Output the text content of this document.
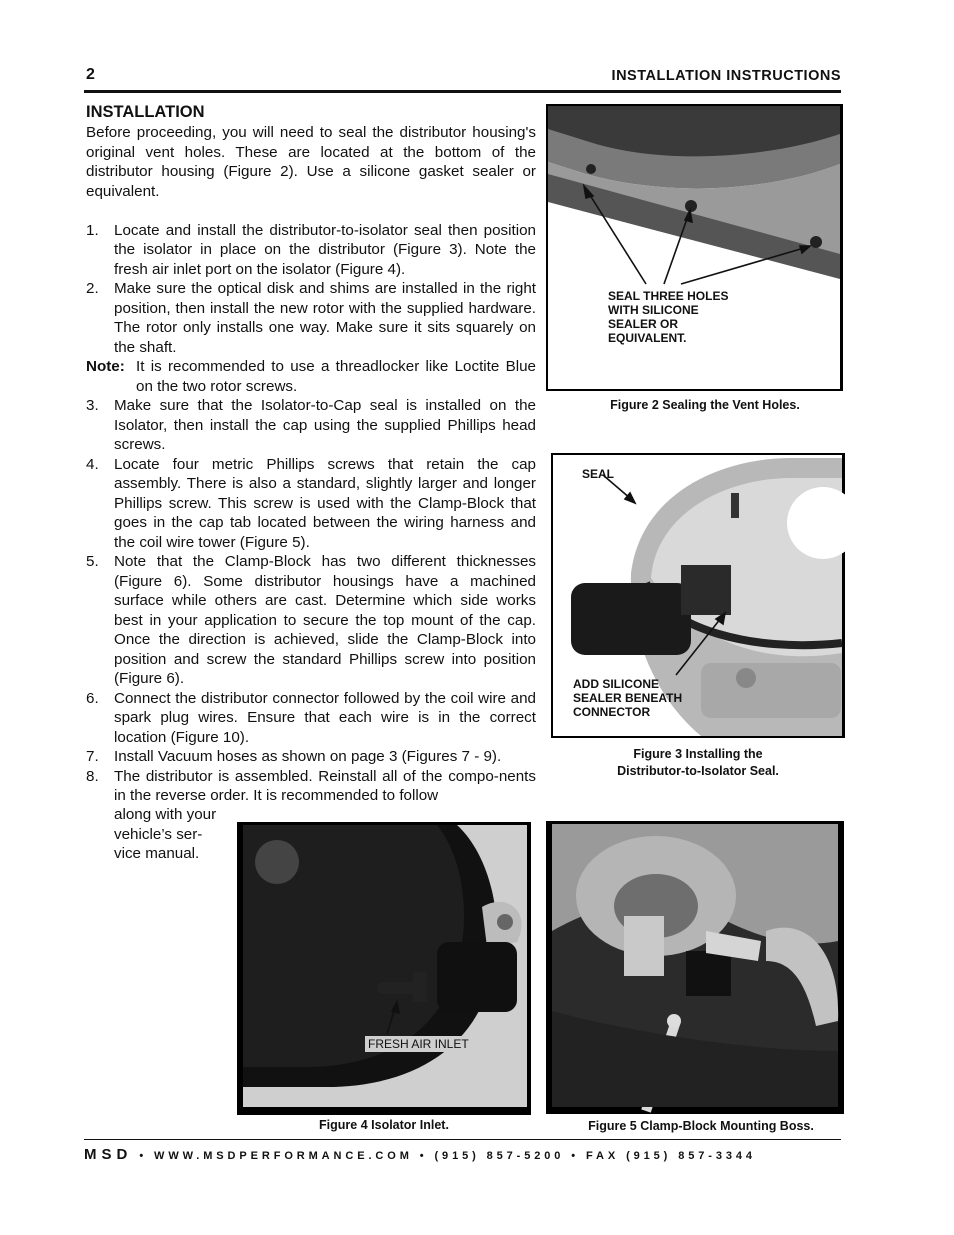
2	INSTALLATION INSTRUCTIONS
INSTALLATION

Before proceeding, you will need to seal the distributor housing's original vent holes. These are located at the bottom of the distributor housing (Figure 2). Use a silicone gasket sealer or equivalent.

1.	Locate and install the distributor-to-isolator seal then position the isolator in place on the distributor (Figure 3). Note the fresh air inlet port on the isolator (Figure 4).
2.	Make sure the optical disk and shims are installed in the right position, then install the new rotor with the supplied hardware. The rotor only installs one way. Make sure it sits squarely on the shaft.
Note: It is recommended to use a threadlocker like Loctite Blue on the two rotor screws.
3.	Make sure that the Isolator-to-Cap seal is installed on the Isolator, then install the cap using the supplied Phillips head screws.
4.	Locate four metric Phillips screws that retain the cap assembly. There is also a standard, slightly larger and longer Phillips screw. This screw is used with the Clamp-Block that goes in the cap tab located between the wiring harness and the coil wire tower (Figure 5).
5.	Note that the Clamp-Block has two different thicknesses (Figure 6). Some distributor housings have a machined surface while others are cast. Determine which side works best in your application to secure the top mount of the cap. Once the direction is achieved, slide the Clamp-Block into position and screw the standard Phillips screw into position (Figure 6).
6.	Connect the distributor connector followed by the coil wire and spark plug wires. Ensure that each wire is in the correct location (Figure 10).
7.	Install Vacuum hoses as shown on page 3 (Figures 7 - 9).
8.	The distributor is assembled. Reinstall all of the compo-nents in the reverse order. It is recommended to follow
along with your vehicle’s ser-vice manual.
SEAL THREE HOLES
WITH SILICONE
SEALER OR
EQUIVALENT.
Figure 2 Sealing the Vent Holes.
SEAL
ADD SILICONE
SEALER BENEATH
CONNECTOR
Figure 3 Installing the
Distributor-to-Isolator Seal.
FRESH AIR INLET
Figure 4 Isolator Inlet.	Figure 5 Clamp-Block Mounting Boss.
MSD • WWW.MSDPERFORMANCE.COM • (915) 857-5200 • FAX (915) 857-3344
